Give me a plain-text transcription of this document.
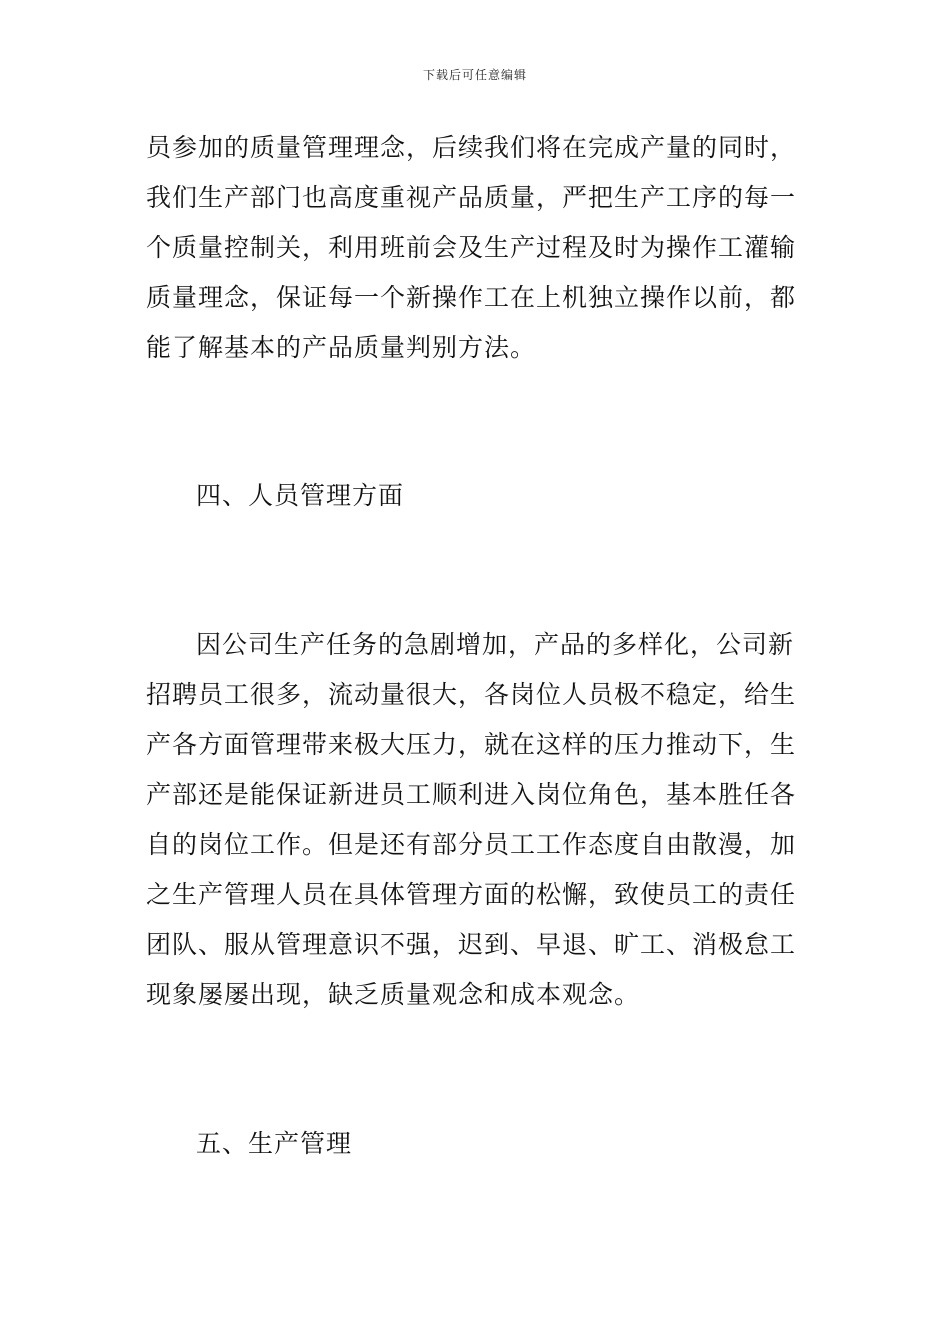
下载后可任意编辑
员参加的质量管理理念，后续我们将在完成产量的同时，
我们生产部门也高度重视产品质量，严把生产工序的每一
个质量控制关，利用班前会及生产过程及时为操作工灌输
质量理念，保证每一个新操作工在上机独立操作以前，都
能了解基本的产品质量判别方法。
四、人员管理方面
因公司生产任务的急剧增加，产品的多样化，公司新
招聘员工很多，流动量很大，各岗位人员极不稳定，给生
产各方面管理带来极大压力，就在这样的压力推动下，生
产部还是能保证新进员工顺利进入岗位角色，基本胜任各
自的岗位工作。但是还有部分员工工作态度自由散漫，加
之生产管理人员在具体管理方面的松懈，致使员工的责任
团队、服从管理意识不强，迟到、早退、旷工、消极怠工
现象屡屡出现，缺乏质量观念和成本观念。
五、生产管理
